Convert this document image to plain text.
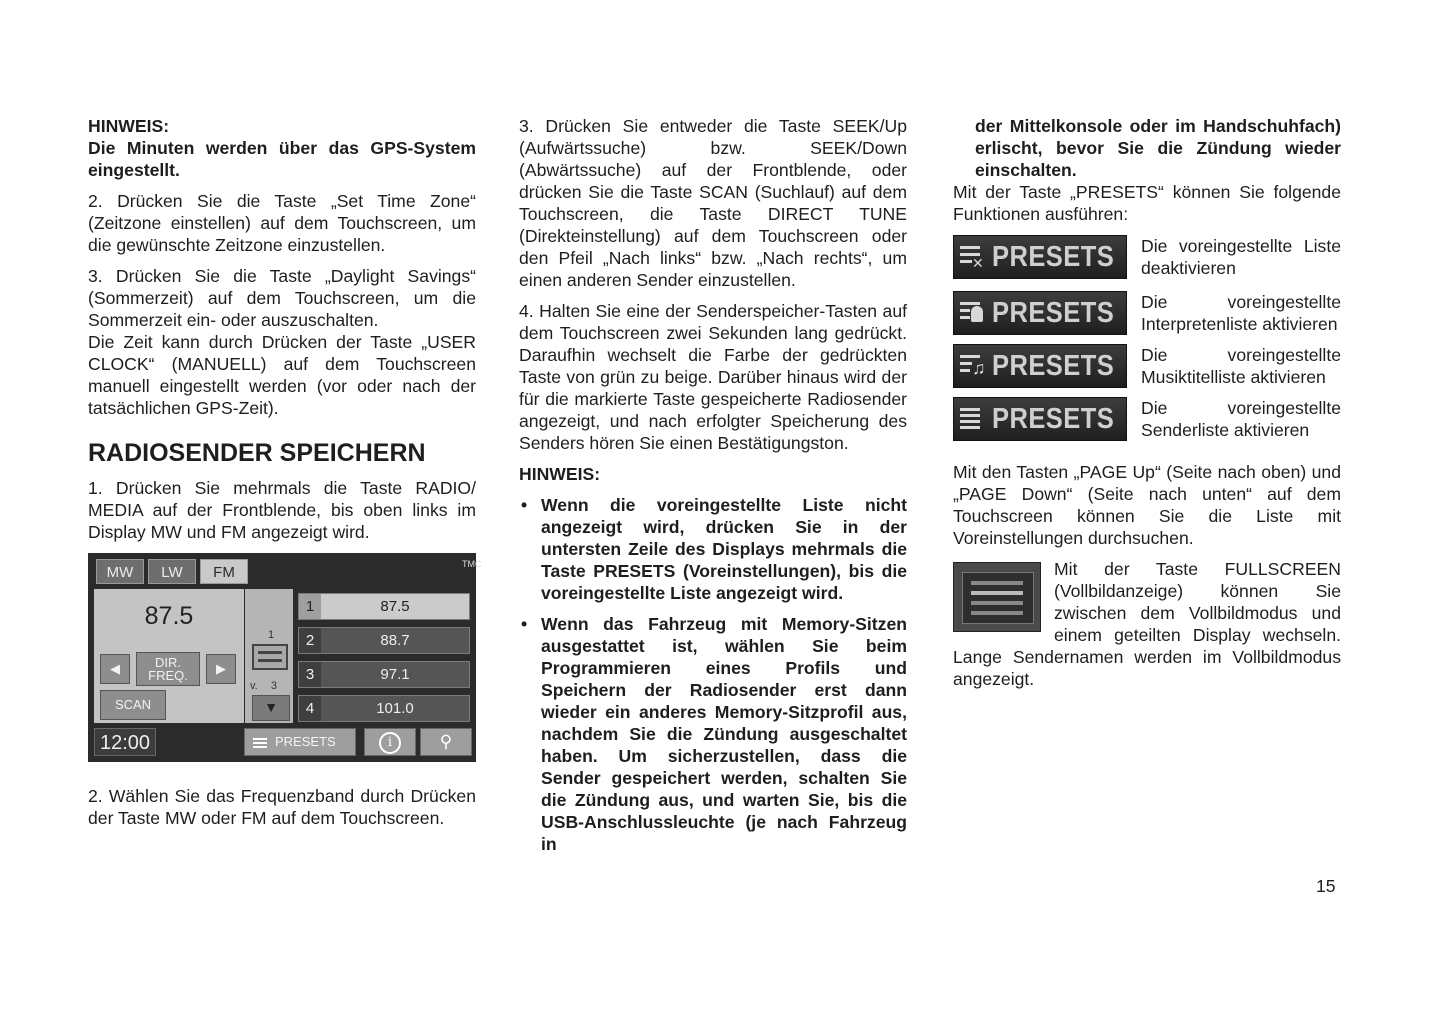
HINWEIS:

Die Minuten werden über das GPS-System eingestellt.

2. Drücken Sie die Taste „Set Time Zone“ (Zeitzone einstellen) auf dem Touchscreen, um die gewünschte Zeitzone einzustellen.

3. Drücken Sie die Taste „Daylight Savings“ (Sommerzeit) auf dem Touchscreen, um die Sommerzeit ein- oder auszuschalten.

Die Zeit kann durch Drücken der Taste „USER CLOCK“ (MANUELL) auf dem Touchscreen manuell eingestellt werden (vor oder nach der tatsächlichen GPS-Zeit).

RADIOSENDER SPEICHERN

1. Drücken Sie mehrmals die Taste RADIO/ MEDIA auf der Frontblende, bis oben links im Display MW und FM angezeigt wird.

MW	LW	FM	TMC
87.5
◀	DIR. FREQ.	▶
SCAN
1
v. 3
▼
1	87.5
2	88.7
3	97.1
4	101.0
12:00	PRESETS	i	⚲

2. Wählen Sie das Frequenzband durch Drücken der Taste MW oder FM auf dem Touchscreen.

3. Drücken Sie entweder die Taste SEEK/Up (Aufwärtssuche) bzw. SEEK/Down (Abwärtssuche) auf der Frontblende, oder drücken Sie die Taste SCAN (Suchlauf) auf dem Touchscreen, die Taste DIRECT TUNE (Direkteinstellung) auf dem Touchscreen oder den Pfeil „Nach links“ bzw. „Nach rechts“, um einen anderen Sender einzustellen.

4. Halten Sie eine der Senderspeicher-Tasten auf dem Touchscreen zwei Sekunden lang gedrückt. Daraufhin wechselt die Farbe der gedrückten Taste von grün zu beige. Darüber hinaus wird der für die markierte Taste gespeicherte Radiosender angezeigt, und nach erfolgter Speicherung des Senders hören Sie einen Bestätigungston.

HINWEIS:

• Wenn die voreingestellte Liste nicht angezeigt wird, drücken Sie in der untersten Zeile des Displays mehrmals die Taste PRESETS (Voreinstellungen), bis die voreingestellte Liste angezeigt wird.
• Wenn das Fahrzeug mit Memory-Sitzen ausgestattet ist, wählen Sie beim Programmieren eines Profils und Speichern der Radiosender erst dann wieder ein anderes Memory-Sitzprofil aus, nachdem Sie die Zündung ausgeschaltet haben. Um sicherzustellen, dass die Sender gespeichert werden, schalten Sie die Zündung aus, und warten Sie, bis die USB-Anschlussleuchte (je nach Fahrzeug in

der Mittelkonsole oder im Handschuhfach) erlischt, bevor Sie die Zündung wieder einschalten.

Mit der Taste „PRESETS“ können Sie folgende Funktionen ausführen:

✕ PRESETS Die voreingestellte Liste deaktivieren
PRESETS Die voreingestellte Interpretenliste aktivieren
♫ PRESETS Die voreingestellte Musiktitelliste aktivieren
PRESETS Die voreingestellte Senderliste aktivieren

Mit den Tasten „PAGE Up“ (Seite nach oben) und „PAGE Down“ (Seite nach unten“ auf dem Touchscreen können Sie die Liste mit Voreinstellungen durchsuchen.

Mit der Taste FULLSCREEN (Vollbildanzeige) können Sie zwischen dem Vollbildmodus und einem geteilten Display wechseln. Lange Sendernamen werden im Vollbildmodus angezeigt.

15
